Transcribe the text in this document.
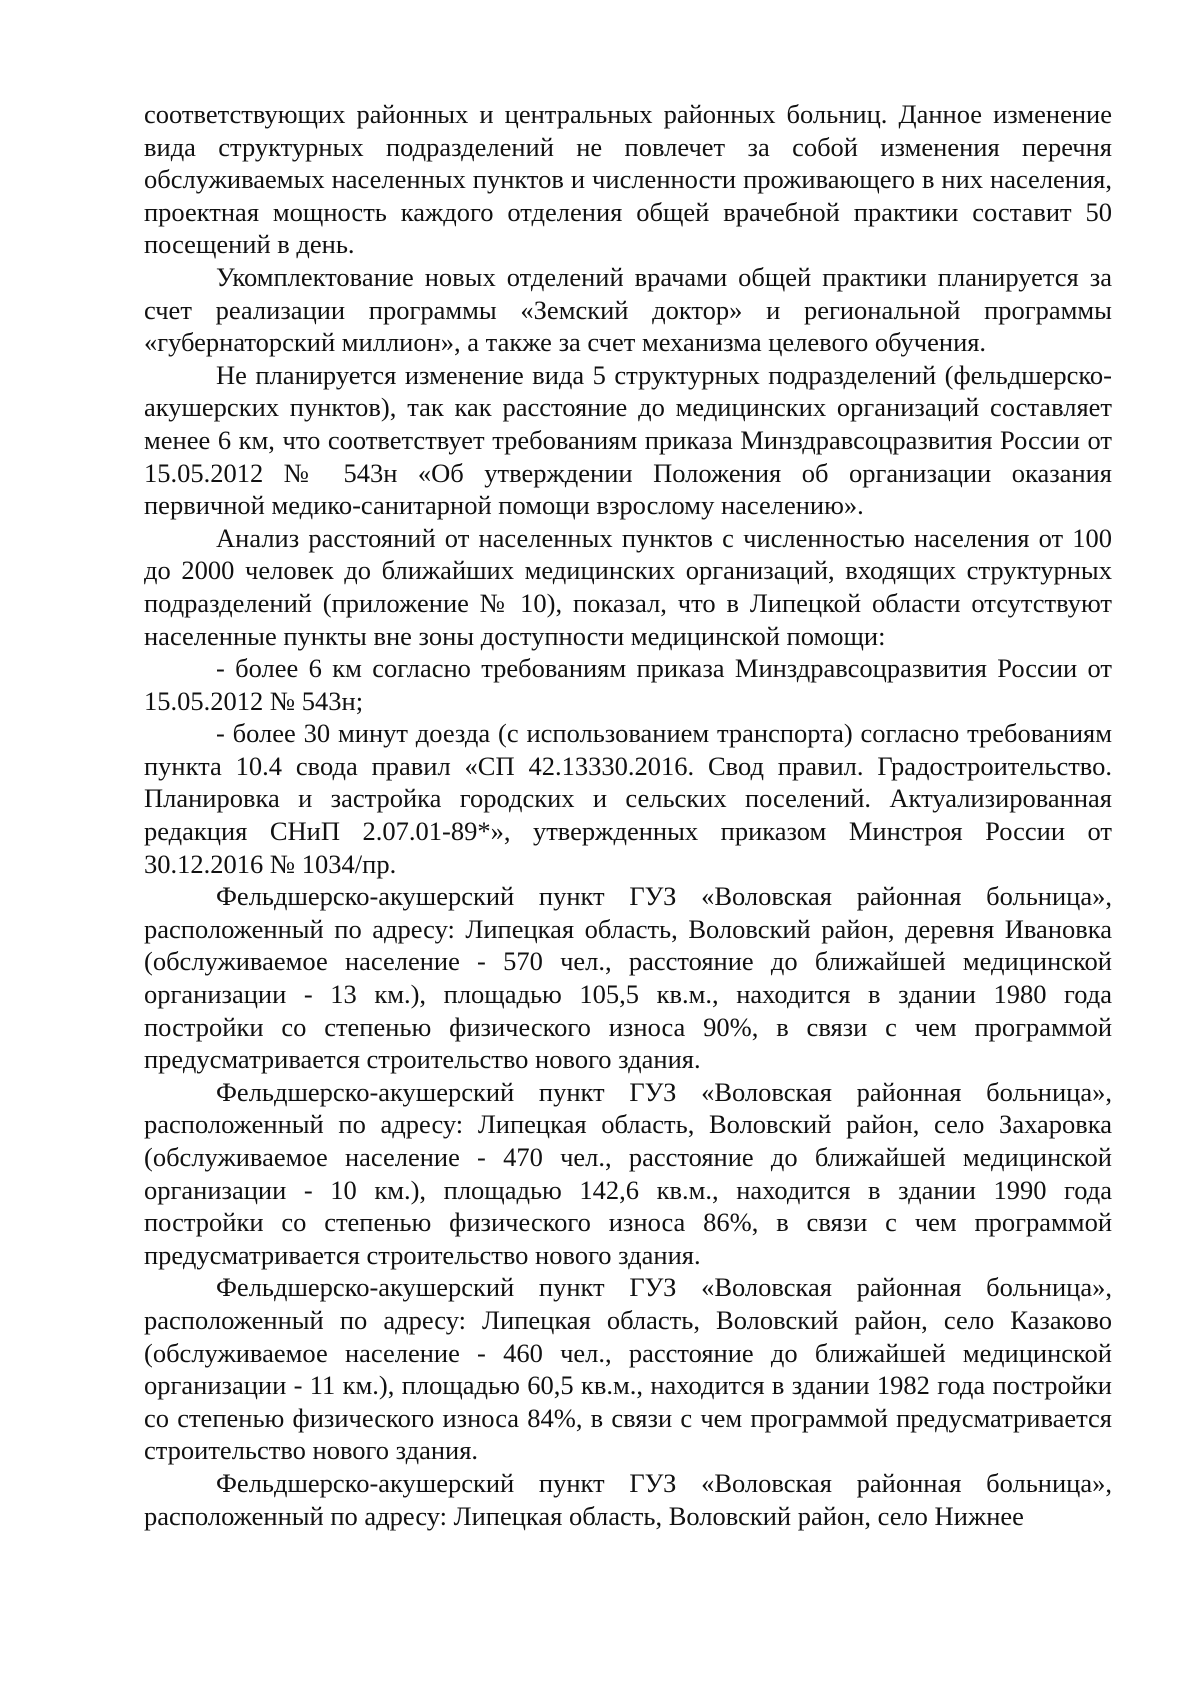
соответствующих районных и центральных районных больниц. Данное изменение вида структурных подразделений не повлечет за собой изменения перечня обслуживаемых населенных пунктов и численности проживающего в них населения, проектная мощность каждого отделения общей врачебной практики составит 50 посещений в день.

Укомплектование новых отделений врачами общей практики планируется за счет реализации программы «Земский доктор» и региональной программы «губернаторский миллион», а также за счет механизма целевого обучения.

Не планируется изменение вида 5 структурных подразделений (фельдшерско-акушерских пунктов), так как расстояние до медицинских организаций составляет менее 6 км, что соответствует требованиям приказа Минздравсоцразвития России от 15.05.2012 № 543н «Об утверждении Положения об организации оказания первичной медико-санитарной помощи взрослому населению».

Анализ расстояний от населенных пунктов с численностью населения от 100 до 2000 человек до ближайших медицинских организаций, входящих структурных подразделений (приложение № 10), показал, что в Липецкой области отсутствуют населенные пункты вне зоны доступности медицинской помощи:

- более 6 км согласно требованиям приказа Минздравсоцразвития России от 15.05.2012 № 543н;

- более 30 минут доезда (с использованием транспорта) согласно требованиям пункта 10.4 свода правил «СП 42.13330.2016. Свод правил. Градостроительство. Планировка и застройка городских и сельских поселений. Актуализированная редакция СНиП 2.07.01-89*», утвержденных приказом Минстроя России от 30.12.2016 № 1034/пр.

Фельдшерско-акушерский пункт ГУЗ «Воловская районная больница», расположенный по адресу: Липецкая область, Воловский район, деревня Ивановка (обслуживаемое население - 570 чел., расстояние до ближайшей медицинской организации - 13 км.), площадью 105,5 кв.м., находится в здании 1980 года постройки со степенью физического износа 90%, в связи с чем программой предусматривается строительство нового здания.

Фельдшерско-акушерский пункт ГУЗ «Воловская районная больница», расположенный по адресу: Липецкая область, Воловский район, село Захаровка (обслуживаемое население - 470 чел., расстояние до ближайшей медицинской организации - 10 км.), площадью 142,6 кв.м., находится в здании 1990 года постройки со степенью физического износа 86%, в связи с чем программой предусматривается строительство нового здания.

Фельдшерско-акушерский пункт ГУЗ «Воловская районная больница», расположенный по адресу: Липецкая область, Воловский район, село Казаково (обслуживаемое население - 460 чел., расстояние до ближайшей медицинской организации - 11 км.), площадью 60,5 кв.м., находится в здании 1982 года постройки со степенью физического износа 84%, в связи с чем программой предусматривается строительство нового здания.

Фельдшерско-акушерский пункт ГУЗ «Воловская районная больница», расположенный по адресу: Липецкая область, Воловский район, село Нижнее
